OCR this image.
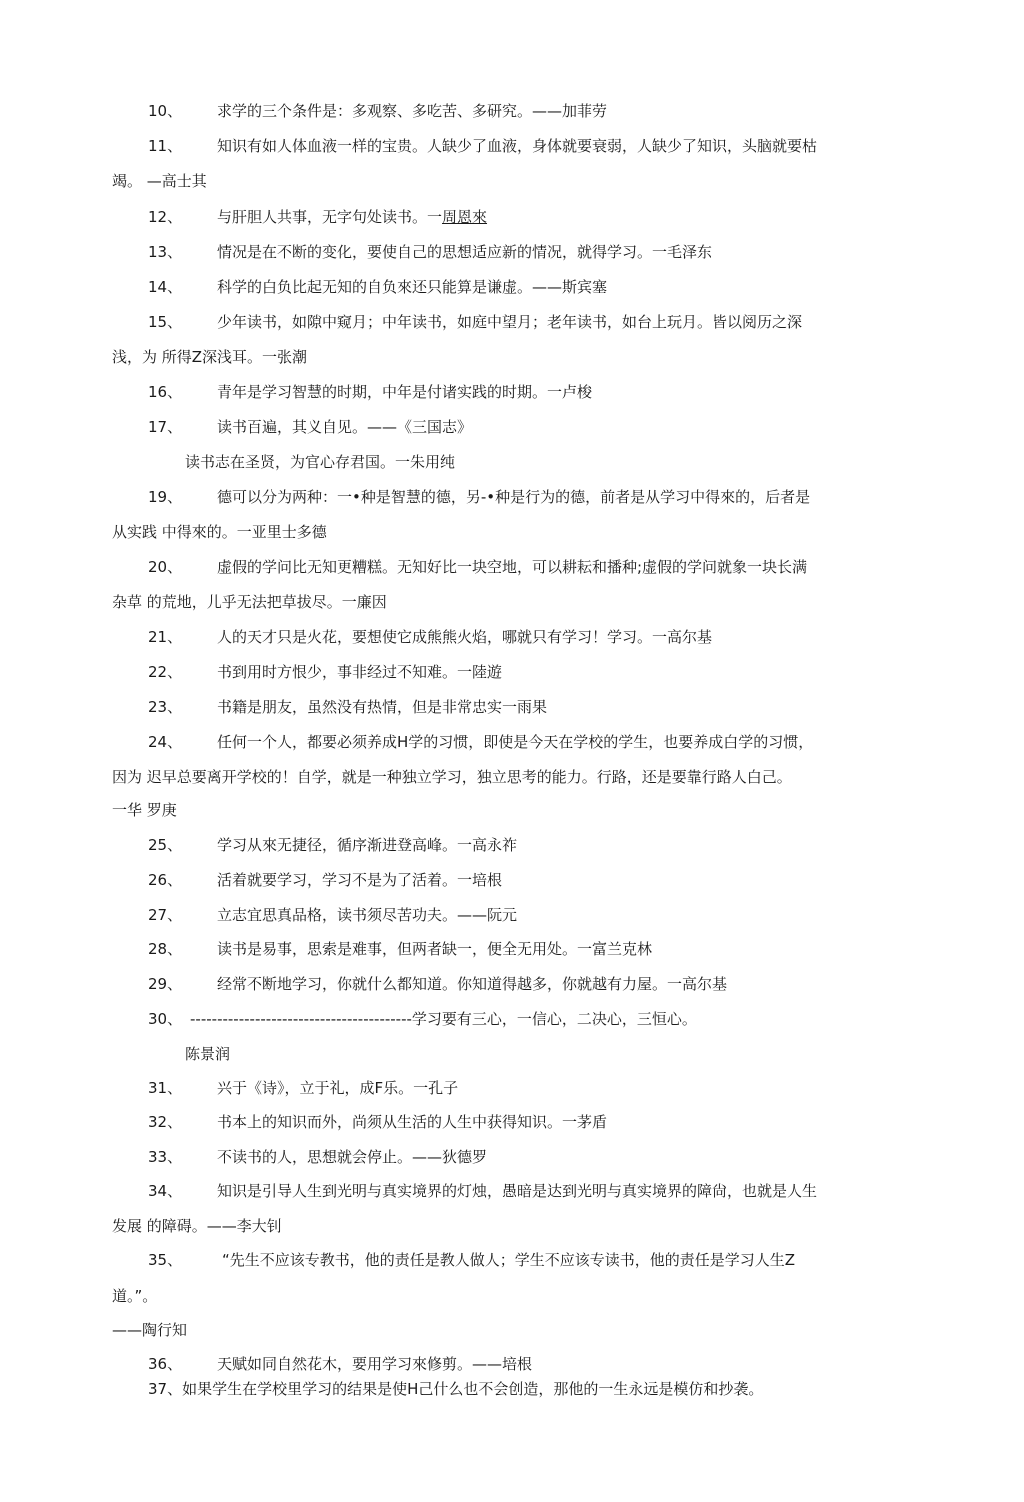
10、 求学的三个条件是：多观察、多吃苦、多研究。——加菲劳
11、 知识有如人体血液一样的宝贵。人缺少了血液，身体就要衰弱，人缺少了知识，头脑就要枯
竭。 —高士其
12、 与肝胆人共事，无字句处读书。一周恩來
13、 情况是在不断的变化，要使自己的思想适应新的情况，就得学习。一毛泽东
14、 科学的白负比起无知的自负來还只能算是谦虚。——斯宾塞
15、 少年读书，如隙中窥月；中年读书，如庭中望月；老年读书，如台上玩月。皆以阅历之深
浅，为 所得Z深浅耳。一张潮
16、 青年是学习智慧的时期，中年是付诸实践的时期。一卢梭
17、 读书百遍，其义自见。——《三国志》
读书志在圣贤，为官心存君国。一朱用纯
19、 德可以分为两种：一•种是智慧的德，另-•种是行为的德，前者是从学习中得來的，后者是
从实践 中得來的。一亚里士多德
20、 虚假的学问比无知更糟糕。无知好比一块空地，可以耕耘和播种;虚假的学问就象一块长满
杂草 的荒地，儿乎无法把草拔尽。一廉因
21、 人的天才只是火花，要想使它成熊熊火焰，哪就只有学习！学习。一高尔基
22、 书到用时方恨少，事非经过不知难。一陸遊
23、 书籍是朋友，虽然没有热情，但是非常忠实一雨果
24、 任何一个人，都要必须养成H学的习惯，即使是今天在学校的学生，也要养成白学的习惯，
因为 迟早总要离开学校的！自学，就是一种独立学习，独立思考的能力。行路，还是要靠行路人白己。
一华 罗庚
25、 学习从來无捷径，循序渐进登高峰。一高永祚
26、 活着就要学习，学习不是为了活着。一培根
27、 立志宜思真品格，读书须尽苦功夫。——阮元
28、 读书是易事，思索是难事，但两者缺一，便全无用处。一富兰克林
29、 经常不断地学习，你就什么都知道。你知道得越多，你就越有力屋。一高尔基
30、 -----------------------------------------学习要有三心，一信心，二决心，三恒心。
陈景润
31、 兴于《诗》，立于礼，成F乐。一孔子
32、 书本上的知识而外，尚须从生活的人生中获得知识。一茅盾
33、 不读书的人，思想就会停止。——狄德罗
34、 知识是引导人生到光明与真实境界的灯烛，愚暗是达到光明与真实境界的障尙，也就是人生
发展 的障碍。——李大钊
35、	“先生不应该专教书，他的责任是教人做人；学生不应该专读书，他的责任是学习人生Z
道。”。
——陶行知
36、 天赋如同自然花木，要用学习來修剪。——培根
37、如果学生在学校里学习的结果是使H己什么也不会创造，那他的一生永远是模仿和抄袭。
